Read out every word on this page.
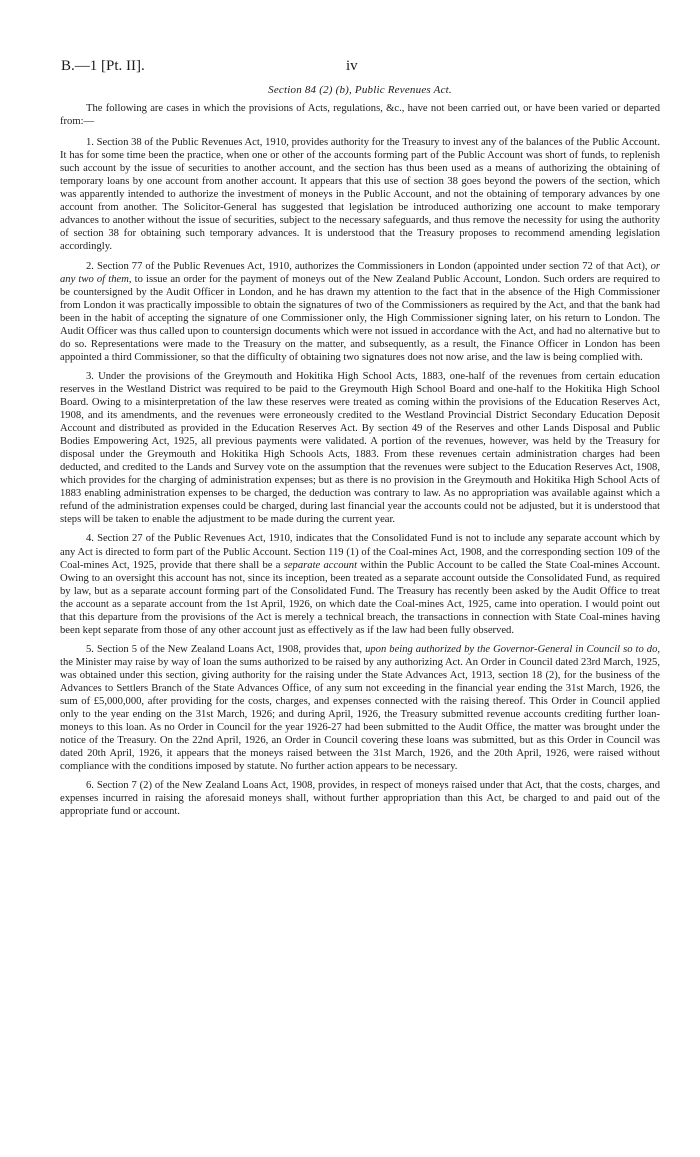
B.—1 [Pt. II].	iv
Section 84 (2) (b), Public Revenues Act.

The following are cases in which the provisions of Acts, regulations, &c., have not been carried out, or have been varied or departed from:—

1. Section 38 of the Public Revenues Act, 1910, provides authority for the Treasury to invest any of the balances of the Public Account. It has for some time been the practice, when one or other of the accounts forming part of the Public Account was short of funds, to replenish such account by the issue of securities to another account, and the section has thus been used as a means of authorizing the obtaining of temporary loans by one account from another account. It appears that this use of section 38 goes beyond the powers of the section, which was apparently intended to authorize the investment of moneys in the Public Account, and not the obtaining of temporary advances by one account from another. The Solicitor-General has suggested that legislation be introduced authorizing one account to make temporary advances to another without the issue of securities, subject to the necessary safeguards, and thus remove the necessity for using the authority of section 38 for obtaining such temporary advances. It is understood that the Treasury proposes to recommend amending legislation accordingly.

2. Section 77 of the Public Revenues Act, 1910, authorizes the Commissioners in London (appointed under section 72 of that Act), or any two of them, to issue an order for the payment of moneys out of the New Zealand Public Account, London. Such orders are required to be countersigned by the Audit Officer in London, and he has drawn my attention to the fact that in the absence of the High Commissioner from London it was practically impossible to obtain the signatures of two of the Commissioners as required by the Act, and that the bank had been in the habit of accepting the signature of one Commissioner only, the High Commissioner signing later, on his return to London. The Audit Officer was thus called upon to countersign documents which were not issued in accordance with the Act, and had no alternative but to do so. Representations were made to the Treasury on the matter, and subsequently, as a result, the Finance Officer in London has been appointed a third Commissioner, so that the difficulty of obtaining two signatures does not now arise, and the law is being complied with.

3. Under the provisions of the Greymouth and Hokitika High School Acts, 1883, one-half of the revenues from certain education reserves in the Westland District was required to be paid to the Greymouth High School Board and one-half to the Hokitika High School Board. Owing to a misinterpretation of the law these reserves were treated as coming within the provisions of the Education Reserves Act, 1908, and its amendments, and the revenues were erroneously credited to the Westland Provincial District Secondary Education Deposit Account and distributed as provided in the Education Reserves Act. By section 49 of the Reserves and other Lands Disposal and Public Bodies Empowering Act, 1925, all previous payments were validated. A portion of the revenues, however, was held by the Treasury for disposal under the Greymouth and Hokitika High Schools Acts, 1883. From these revenues certain administration charges had been deducted, and credited to the Lands and Survey vote on the assumption that the revenues were subject to the Education Reserves Act, 1908, which provides for the charging of administration expenses; but as there is no provision in the Greymouth and Hokitika High School Acts of 1883 enabling administration expenses to be charged, the deduction was contrary to law. As no appropriation was available against which a refund of the administration expenses could be charged, during last financial year the accounts could not be adjusted, but it is understood that steps will be taken to enable the adjustment to be made during the current year.

4. Section 27 of the Public Revenues Act, 1910, indicates that the Consolidated Fund is not to include any separate account which by any Act is directed to form part of the Public Account. Section 119 (1) of the Coal-mines Act, 1908, and the corresponding section 109 of the Coal-mines Act, 1925, provide that there shall be a separate account within the Public Account to be called the State Coal-mines Account. Owing to an oversight this account has not, since its inception, been treated as a separate account outside the Consolidated Fund, as required by law, but as a separate account forming part of the Consolidated Fund. The Treasury has recently been asked by the Audit Office to treat the account as a separate account from the 1st April, 1926, on which date the Coal-mines Act, 1925, came into operation. I would point out that this departure from the provisions of the Act is merely a technical breach, the transactions in connection with State Coal-mines having been kept separate from those of any other account just as effectively as if the law had been fully observed.

5. Section 5 of the New Zealand Loans Act, 1908, provides that, upon being authorized by the Governor-General in Council so to do, the Minister may raise by way of loan the sums authorized to be raised by any authorizing Act. An Order in Council dated 23rd March, 1925, was obtained under this section, giving authority for the raising under the State Advances Act, 1913, section 18 (2), for the business of the Advances to Settlers Branch of the State Advances Office, of any sum not exceeding in the financial year ending the 31st March, 1926, the sum of £5,000,000, after providing for the costs, charges, and expenses connected with the raising thereof. This Order in Council applied only to the year ending on the 31st March, 1926; and during April, 1926, the Treasury submitted revenue accounts crediting further loan-moneys to this loan. As no Order in Council for the year 1926-27 had been submitted to the Audit Office, the matter was brought under the notice of the Treasury. On the 22nd April, 1926, an Order in Council covering these loans was submitted, but as this Order in Council was dated 20th April, 1926, it appears that the moneys raised between the 31st March, 1926, and the 20th April, 1926, were raised without compliance with the conditions imposed by statute. No further action appears to be necessary.

6. Section 7 (2) of the New Zealand Loans Act, 1908, provides, in respect of moneys raised under that Act, that the costs, charges, and expenses incurred in raising the aforesaid moneys shall, without further appropriation than this Act, be charged to and paid out of the appropriate fund or account.
